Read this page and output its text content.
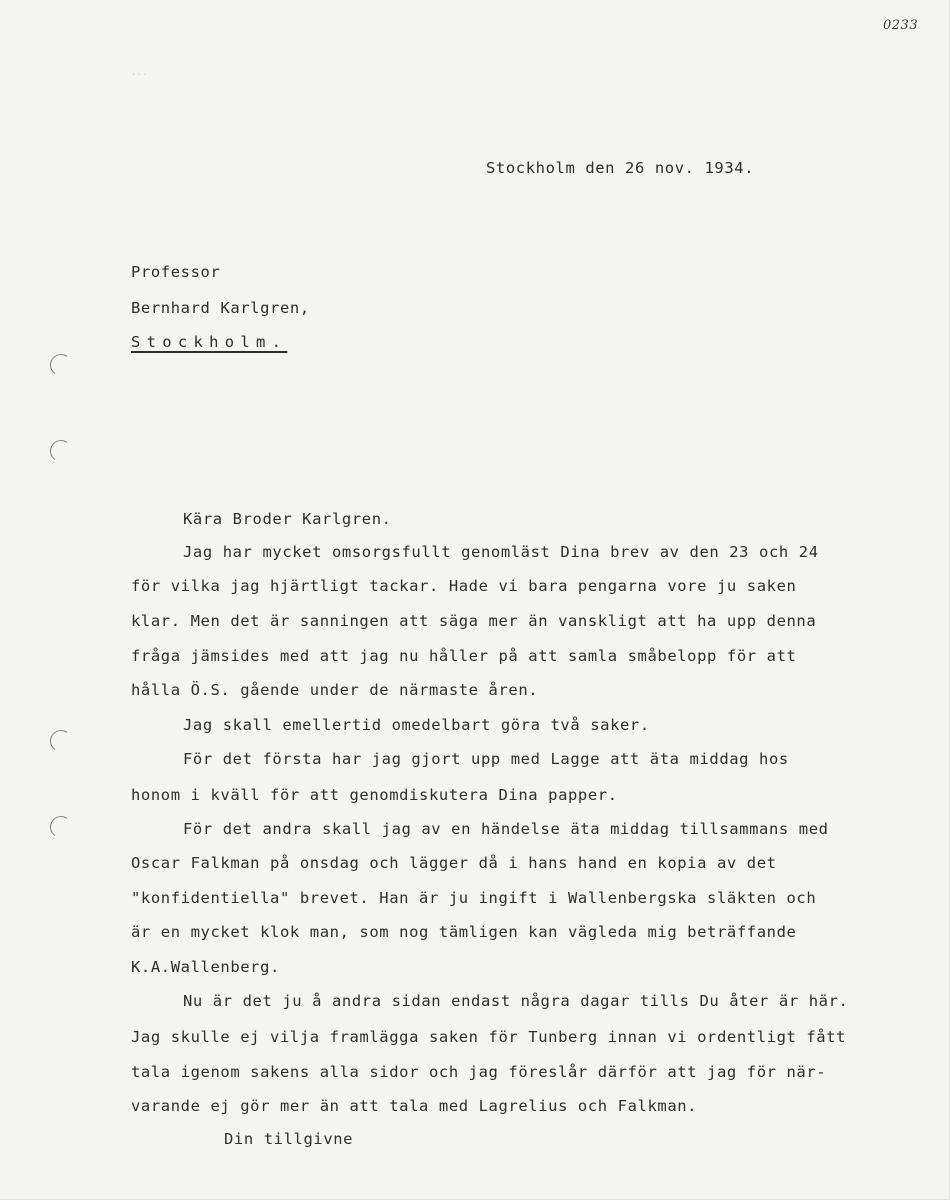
0233
· · ·
Stockholm den 26 nov. 1934.
Professor
Bernhard Karlgren,
Stockholm.
Kära Broder Karlgren.
Jag har mycket omsorgsfullt genomläst Dina brev av den 23 och 24
för vilka jag hjärtligt tackar. Hade vi bara pengarna vore ju saken
klar. Men det är sanningen att säga mer än vanskligt att ha upp denna
fråga jämsides med att jag nu håller på att samla småbelopp för att
hålla Ö.S. gående under de närmaste åren.
Jag skall emellertid omedelbart göra två saker.
För det första har jag gjort upp med Lagge att äta middag hos
honom i kväll för att genomdiskutera Dina papper.
För det andra skall jag av en händelse äta middag tillsammans med
Oscar Falkman på onsdag och lägger då i hans hand en kopia av det
"konfidentiella" brevet. Han är ju ingift i Wallenbergska släkten och
är en mycket klok man, som nog tämligen kan vägleda mig beträffande
K.A.Wallenberg.
Nu är det ju å andra sidan endast några dagar tills Du åter är här.
Jag skulle ej vilja framlägga saken för Tunberg innan vi ordentligt fått
tala igenom sakens alla sidor och jag föreslår därför att jag för när-
varande ej gör mer än att tala med Lagrelius och Falkman.
Din tillgivne
